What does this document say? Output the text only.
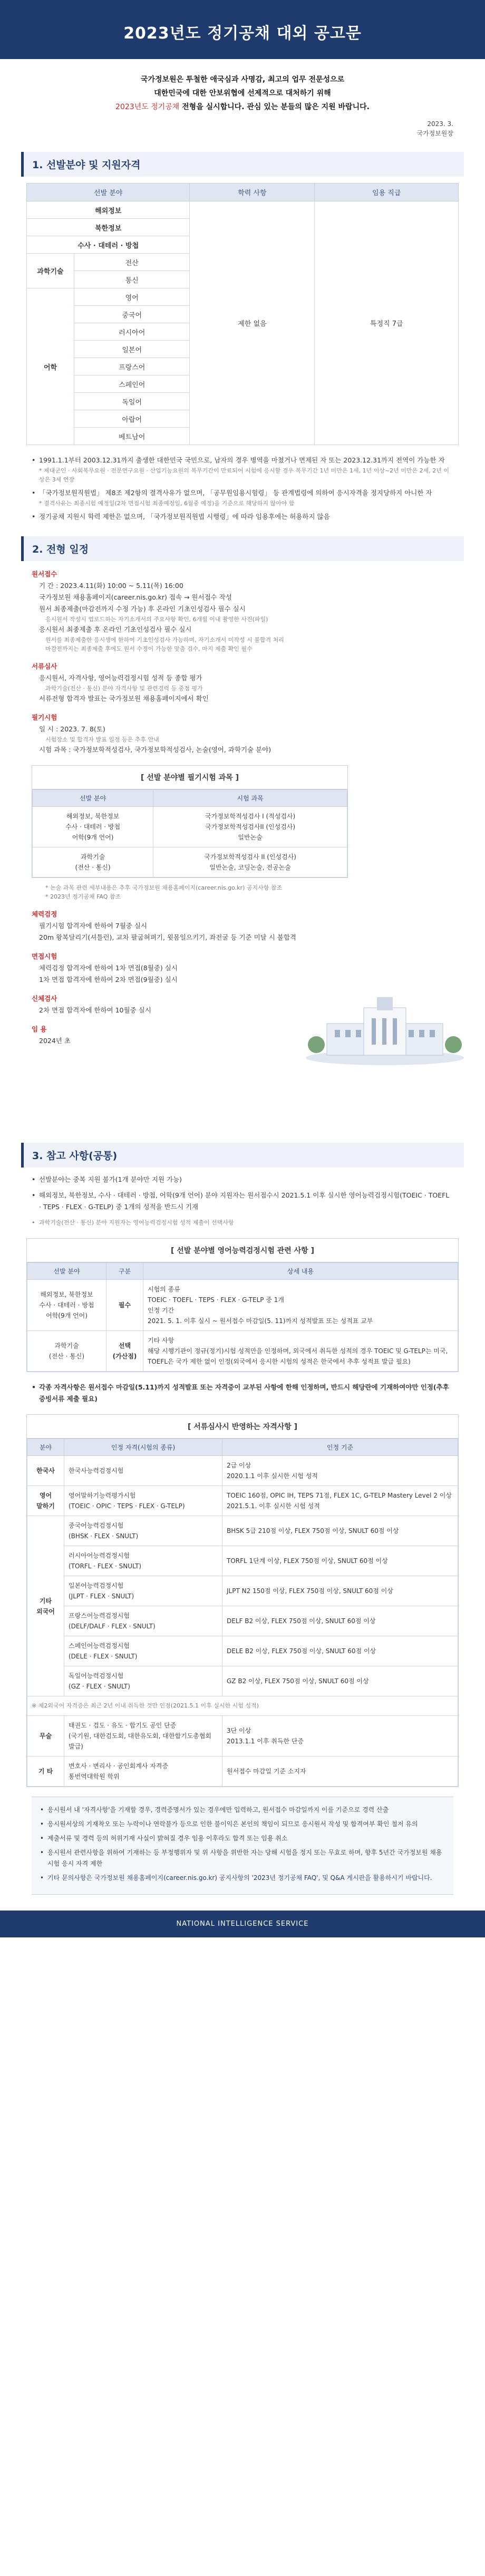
2023년도 정기공채 대외 공고문
국가정보원은 투철한 애국심과 사명감, 최고의 업무 전문성으로
대한민국에 대한 안보위협에 선제적으로 대처하기 위해
2023년도 정기공채 전형을 실시합니다. 관심 있는 분들의 많은 지원 바랍니다.
2023. 3.
국가정보원장
1. 선발분야 및 지원자격
선발 분야		학력 사항	임용 직급
해외정보		제한 없음	특정직 7급
북한정보			
수사 · 대테러 · 방첩			
과학기술	전산		
	통신		
어학	영어		
	중국어		
	러시아어		
	일본어		
	프랑스어		
	스페인어		
	독일어		
	아랍어		
	베트남어		
• 1991.1.1부터 2003.12.31까지 출생한 대한민국 국민으로, 남자의 경우 병역을 마쳤거나 면제된 자 또는 2023.12.31까지 전역이 가능한 자
* 제대군인 · 사회복무요원 · 전문연구요원 · 산업기능요원의 복무기간이 만료되어 시험에 응시할 경우 복무기간 1년 미만은 1세, 1년 이상~2년 미만은 2세, 2년 이상은 3세 연장
• 「국가정보원직원법」 제8조 제2항의 결격사유가 없으며, 「공무원임용시험령」 등 관계법령에 의하여 응시자격을 정지당하지 아니한 자
* 결격사유는 최종시험 예정일(2차 면접시험 최종예정일, 6월중 예정)을 기준으로 해당하지 않아야 함
• 정기공채 지원시 학력 제한은 없으며, 「국가정보원직원법 시행령」에 따라 임용후에는 허용하지 않음
2. 전형 일정
원서접수

기 간 : 2023.4.11(화) 10:00 ~ 5.11(목) 16:00

국가정보원 채용홈페이지(career.nis.go.kr) 접속 → 원서접수 작성

원서 최종제출(마감전까지 수정 가능) 후 온라인 기초인성검사 필수 실시

응시원서 작성시 업로드하는 자기소개서의 주요사항 확인, 6개월 이내 촬영한 사진(파일)

응시원서 최종제출 후 온라인 기초인성검사 필수 실시

원서를 최종제출한 응시생에 한하여 기초인성검사 가능하며, 자기소개서 미작성 시 불합격 처리

마감전까지는 최종제출 후에도 원서 수정이 가능한 맞춤 검수, 마지 제출 확인 필수

서류심사

응시원서, 자격사항, 영어능력검정시험 성적 등 종합 평가

과학기술(전산 · 통신) 분야 자격사항 및 관련경력 등 중점 평가

서류전형 합격자 발표는 국가정보원 채용홈페이지에서 확인

필기시험

일 시 : 2023. 7. 8(토)

시험장소 및 합격자 발표 일정 등은 추후 안내

시험 과목 : 국가정보학적성검사, 국가정보학적성검사, 논술(영어, 과학기술 분야)

[ 선발 분야별 필기시험 과목 ]
선발 분야	시험 과목
해외정보, 북한정보
수사 · 대테러 · 방첩
어학(9개 언어)	국가정보학적성검사 I (적성검사)
국가정보학적성검사II (인성검사)
일반논술
과학기술
(전산 · 통신)	국가정보학적성검사 II (인성검사)
일반논술, 코딩논술, 전공논술

* 논술 과목 관련 세부내용은 추후 국가정보원 채용홈페이지(career.nis.go.kr) 공지사항 참조

* 2023년 정기공채 FAQ 참조

체력검정

필기시험 합격자에 한하여 7월중 실시

20m 왕복달리기(셔틀런), 교차 팔굽혀펴기, 윗몸일으키기, 좌전굴 등 기준 미달 시 불합격

면접시험

체력검정 합격자에 한하여 1차 면접(8월중) 실시

1차 면접 합격자에 한하여 2차 면접(9월중) 실시

신체검사

2차 면접 합격자에 한하여 10월중 실시

임 용

2024년 초

3. 참고 사항(공통)
• 선발분야는 중복 지원 불가(1개 분야만 지원 가능)
• 해외정보, 북한정보, 수사 · 대테러 · 방첩, 어학(9개 언어) 분야 지원자는 원서접수시 2021.5.1 이후 실시한 영어능력검정시험(TOEIC · TOEFL · TEPS · FLEX · G-TELP) 중 1개의 성적을 반드시 기재
• 과학기술(전산 · 통신) 분야 지원자는 영어능력검정시험 성적 제출이 선택사항
[ 선발 분야별 영어능력검정시험 관련 사항 ]
선발 분야	구분	상세 내용
해외정보, 북한정보
수사 · 대테러 · 방첩
어학(9개 언어)	필수	시험의 종류
TOEIC · TOEFL · TEPS · FLEX · G-TELP 중 1개
인정 기간
2021. 5. 1. 이후 실시 ~ 원서접수 마감일(5. 11)까지 성적발표 또는 성적표 교부
과학기술
(전산 · 통신)	선택
(가산점)	기타 사항
해당 시행기관이 정규(정기)시험 성적만을 인정하며, 외국에서 취득한 성적의 경우 TOEIC 및 G-TELP는 미국, TOEFL은 국가 제한 없이 인정(외국에서 응시한 시험의 성적은 한국에서 추후 성적표 발급 필요)
• 각종 자격사항은 원서접수 마감일(5.11)까지 성적발표 또는 자격증이 교부된 사항에 한해 인정하며, 반드시 해당란에 기재하여야만 인정(추후 증빙서류 제출 필요)
[ 서류심사시 반영하는 자격사항 ]
분야	인정 자격(시험의 종류)	인정 기준
한국사	한국사능력검정시험	2급 이상
2020.1.1 이후 실시한 시험 성적
영어
말하기	영어말하기능력평가시험
(TOEIC · OPIC · TEPS · FLEX · G-TELP)	TOEIC 160점, OPIC IH, TEPS 71점, FLEX 1C, G-TELP Mastery Level 2 이상
2021.5.1. 이후 실시한 시험 성적
기타
외국어	중국어능력검정시험
(BHSK · FLEX · SNULT)	BHSK 5급 210점 이상, FLEX 750점 이상, SNULT 60점 이상
	러시아어능력검정시험
(TORFL · FLEX · SNULT)	TORFL 1단계 이상, FLEX 750점 이상, SNULT 60점 이상
	일본어능력검정시험
(JLPT · FLEX · SNULT)	JLPT N2 150점 이상, FLEX 750점 이상, SNULT 60점 이상
	프랑스어능력검정시험
(DELF/DALF · FLEX · SNULT)	DELF B2 이상, FLEX 750점 이상, SNULT 60점 이상
	스페인어능력검정시험
(DELE · FLEX · SNULT)	DELE B2 이상, FLEX 750점 이상, SNULT 60점 이상
	독일어능력검정시험
(GZ · FLEX · SNULT)	GZ B2 이상, FLEX 750점 이상, SNULT 60점 이상
※ 제2외국어 자격증은 최근 2년 이내 취득한 것만 인정(2021.5.1 이후 실시한 시험 성적)		
무술	태권도 · 검도 · 유도 · 합기도 공인 단증
(국기원, 대한검도회, 대한유도회, 대한합기도총협회 발급)	3단 이상
2013.1.1 이후 취득한 단증
기 타	변호사 · 변리사 · 공인회계사 자격증
통번역대학원 학위	원서접수 마감일 기준 소지자
• 응시원서 내 '자격사항'을 기재할 경우, 경력증명서가 있는 경우에만 입력하고, 원서접수 마감일까지 이를 기준으로 경력 산출
• 응시원서상의 기재착오 또는 누락이나 연락불가 등으로 인한 불이익은 본인의 책임이 되므로 응시원서 작성 및 합격여부 확인 철저 유의
• 제출서류 및 경력 등의 허위기재 사실이 밝혀질 경우 임용 이후라도 합격 또는 임용 취소
• 응시원서 관련사항을 위하여 기재하는 등 부정행위자 및 위 사항을 위반한 자는 당해 시험을 정지 또는 무효로 하며, 향후 5년간 국가정보원 채용시험 응시 자격 제한
• 기타 문의사항은 국가정보원 채용홈페이지(career.nis.go.kr) 공지사항의 '2023년 정기공채 FAQ', 및 Q&A 게시판을 활용하시기 바랍니다.
NATIONAL INTELLIGENCE SERVICE
